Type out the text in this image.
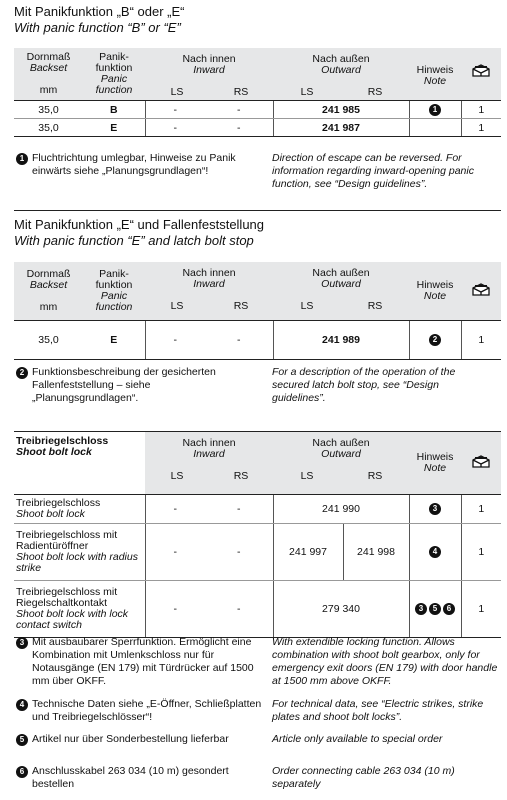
Mit Panikfunktion „B“ oder „E“
With panic function “B” or “E”
Dornmaß
Backset

mm	Panik-
funktion
Panic
function	Nach innen
Inward

LS RS		Nach außen
Outward

LS RS	Hinweis
Note	
35,0	B	-	-	241 985	1	1
35,0	E	-	-	241 987		1
1 Fluchtrichtung umlegbar, Hinweise zu Panik einwärts siehe „Planungsgrundlagen“!
Direction of escape can be reversed. For information regarding inward-opening panic function, see “Design guidelines”.
Mit Panikfunktion „E“ und Fallenfeststellung
With panic function “E” and latch bolt stop
Dornmaß
Backset

mm	Panik-
funktion
Panic
function	Nach innen
Inward

LS RS		Nach außen
Outward

LS RS	Hinweis
Note	
35,0	E	-	-	241 989	2	1
2 Funktionsbeschreibung der gesicherten Fallenfeststellung – siehe „Planungsgrundlagen“.
For a description of the operation of the secured latch bolt stop, see “Design guidelines”.
Treibriegelschloss
Shoot bolt lock	Nach innen
Inward

LS RS		Nach außen
Outward

LS RS		Hinweis
Note	
Treibriegelschloss
Shoot bolt lock	-	-	241 990		3	1
Treibriegelschloss mit Radientüröffner
Shoot bolt lock with radius strike	-	-	241 997	241 998	4	1
Treibriegelschloss mit Riegelschaltkontakt
Shoot bolt lock with lock contact switch	-	-	279 340		3 5 6	1
3 Mit ausbaubarer Sperrfunktion. Ermöglicht eine Kombination mit Umlenkschloss nur für Notausgänge (EN 179) mit Türdrücker auf 1500 mm über OKFF.
With extendible locking function. Allows combination with shoot bolt gearbox, only for emergency exit doors (EN 179) with door handle at 1500 mm above OKFF.
4 Technische Daten siehe „E-Öffner, Schließplatten und Treibriegelschlösser“!
For technical data, see “Electric strikes, strike plates and shoot bolt locks”.
5 Artikel nur über Sonderbestellung lieferbar	Article only available to special order
6 Anschlusskabel 263 034 (10 m) gesondert bestellen
Order connecting cable 263 034 (10 m) separately
